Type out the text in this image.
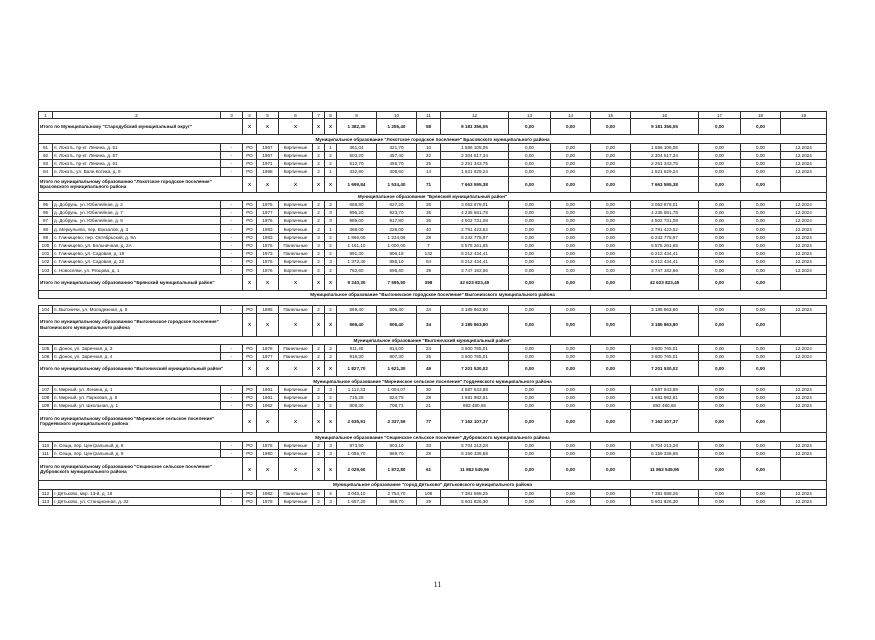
1	2	3	4	5	6	7	8	9	10	11	12	13	14	15	16	17	18	19
Итого по Муниципальному "Стародубский муниципальный округ"			X	X	X	X	X	1 382,30	1 255,40	58	9 181 356,05	0,00	0,00	0,00	9 181 356,05	0,00	0,00	
Муниципальное образование "Локотское городское поселение" Брасовского муниципального района																		
91	п. Локоть, пр-кт. Ленина, д. 51	-	РО	1967	Кирпичные	2	1	361,04	321,70	10	1 586 105,05	0,00	0,00	0,00	1 586 105,05	0,00	0,00	12.2024
92	п. Локоть, пр-кт. Ленина, д. 57	-	РО	1967	Кирпичные	2	2	503,20	457,40	22	2 304 517,34	0,00	0,00	0,00	2 304 517,34	0,00	0,00	12.2024
93	п. Локоть, пр-кт. Ленина, д. 61	-	РО	1971	Кирпичные	2	2	512,70	456,70	25	2 251 343,75	0,00	0,00	0,00	2 251 343,75	0,00	0,00	12.2024
94	п. Локоть, ул. Вали Котика, д. 9	-	РО	1968	Кирпичные	2	1	332,90	308,60	14	1 521 629,24	0,00	0,00	0,00	1 521 629,24	0,00	0,00	12.2024
Итого по муниципальному образованию "Локотское городское поселение" Брасовского муниципального района			X	X	X	X	X	1 699,84	1 534,40	71	7 663 595,38	0,00	0,00	0,00	7 663 595,38	0,00	0,00	
Муниципальное образование "Брянский муниципальный район"																		
95	д. Добрунь, ул. Юбилейная, д. 2	-	РО	1975	Кирпичные	2	2	668,80	627,20	26	3 053 878,01	0,00	0,00	0,00	3 053 878,01	0,00	0,00	12.2024
96	д. Добрунь, ул. Юбилейная, д. 7	-	РО	1977	Кирпичные	2	3	996,20	923,70	35	4 235 681,78	0,00	0,00	0,00	4 235 681,78	0,00	0,00	12.2024
97	д. Добрунь, ул. Юбилейная, д. 8	-	РО	1976	Кирпичные	2	3	989,00	917,80	36	4 502 731,08	0,00	0,00	0,00	4 502 731,08	0,00	0,00	12.2024
98	д. Меркульево, пер. Вокзалов, д. 3	-	РО	1983	Кирпичные	2	1	368,00	228,00	40	2 791 423,52	0,00	0,00	0,00	2 791 423,52	0,00	0,00	12.2024
99	с. Глинищево, пер. Октябрьский, д. 9А	-	РО	1983	Кирпичные	3	2	1 866,00	1 234,06	28	6 242 775,97	0,00	0,00	0,00	6 242 775,97	0,00	0,00	12.2024
100	с. Глинищево, ул. Больничная, д. 2А	-	РО	1976	Панельные	3	2	1 161,10	1 000,00	7	5 575 261,65	0,00	0,00	0,00	5 575 261,65	0,00	0,00	12.2024
101	с. Глинищево, ул. Садовая, д. 19	-	РО	1973	Панельные	2	2	991,30	906,18	132	6 212 434,41	0,00	0,00	0,00	6 212 434,41	0,00	0,00	12.2024
102	с. Глинищево, ул. Садовая, д. 22	-	РО	1976	Кирпичные	2	3	1 372,40	855,10	54	6 212 434,41	0,00	0,00	0,00	6 212 434,41	0,00	0,00	12.2024
103	с. Новоселки, ул. Резцова, д. 1	-	РО	1976	Кирпичные	2	2	762,60	696,60	39	3 747 182,66	0,00	0,00	0,00	3 747 182,66	0,00	0,00	12.2024
Итого по муниципальному образованию "Брянский муниципальный район"			X	X	X	X	X	9 240,30	7 595,50	398	42 623 823,49	0,00	0,00	0,00	42 623 823,49	0,00	0,00	
Муниципальное образование "Выгоничское городское поселение" Выгоничского муниципального района																		

104	п. Выгоничи, ул. Молодежная, д. 5	-	РО	1985	Панельные	2	2	669,40	606,40	34	3 185 863,80	0,00	0,00	0,00	3 185 863,80	0,00	0,00	12.2024
Итого по муниципальному образованию "Выгоничское городское поселение" Выгоничского муниципального района			X	X	X	X	X	669,40	606,40	34	3 185 863,80	0,00	0,00	0,00	3 185 863,80	0,00	0,00	
Муниципальное образование "Выгоничский муниципальный район"																		
105	п. Донок, ул. Заречная, д. 3	-	РО	1978	Панельные	2	2	911,40	814,00	24	3 600 765,01	0,00	0,00	0,00	3 600 765,01	0,00	0,00	12.2024
106	п. Донок, ул. Заречная, д. 4	-	РО	1977	Панельные	2	2	916,30	807,30	25	3 600 765,01	0,00	0,00	0,00	3 600 765,01	0,00	0,00	12.2024
Итого по муниципальному образованию "Выгоничский муниципальный район"			X	X	X	X	X	1 827,70	1 621,30	49	7 201 530,02	0,00	0,00	0,00	7 201 530,02	0,00	0,00	
Муниципальное образование "Мирнинское сельское поселение" Гордеевского муниципального района																		
107	п. Мирный, ул. Ленина, д. 1	-	РО	1961	Кирпичные	2	3	1 112,33	1 004,07	30	4 587 643,88	0,00	0,00	0,00	4 587 643,88	0,00	0,00	12.2024
108	п. Мирный, ул. Парковая, д. 8	-	РО	1961	Кирпичные	2	2	715,28	624,79	28	1 681 982,81	0,00	0,00	0,00	1 681 982,81	0,00	0,00	12.2024
109	п. Мирный, ул. Школьная, д. 1	-	РО	1962	Кирпичные	2	2	808,30	708,73	21	892 480,68	0,00	0,00	0,00	892 480,68	0,00	0,00	12.2024
Итого по муниципальному образованию "Мирнинское сельское поселение" Гордеевского муниципального района			X	X	X	X	X	2 635,91	2 337,59	77	7 162 107,37	0,00	0,00	0,00	7 162 107,37	0,00	0,00	
Муниципальное образование "Сещинское сельское поселение" Дубровского муниципального района																		
110	п. Сеща, пер. Центральный, д. 8	-	РО	1976	Кирпичные	2	3	973,90	903,10	33	5 704 213,28	0,00	0,00	0,00	5 704 213,28	0,00	0,00	12.2024
111	п. Сеща, пер. Центральный, д. 9	-	РО	1980	Кирпичные	2	3	1 055,70	969,70	28	6 159 336,68	0,00	0,00	0,00	6 159 336,68	0,00	0,00	12.2024
Итого по муниципальному образованию "Сещинское сельское поселение" Дубровского муниципального района			X	X	X	X	X	2 029,60	1 872,80	61	11 863 549,96	0,00	0,00	0,00	11 863 549,96	0,00	0,00	
Муниципальное образование "город Дятьково" Дятьковского муниципального района																		
112	г. Дятьково, мкр. 13-й, д. 18	-	РО	1982	Панельные	5	4	3 045,10	2 754,70	108	7 381 598,25	0,00	0,00	0,00	7 381 598,25	0,00	0,00	12.2024
113	г. Дятьково, ул. Станционная, д. 32	-	РО	1978	Кирпичные	2	3	1 657,20	868,70	29	5 601 826,30	0,00	0,00	0,00	5 601 826,30	0,00	0,00	12.2024
11
